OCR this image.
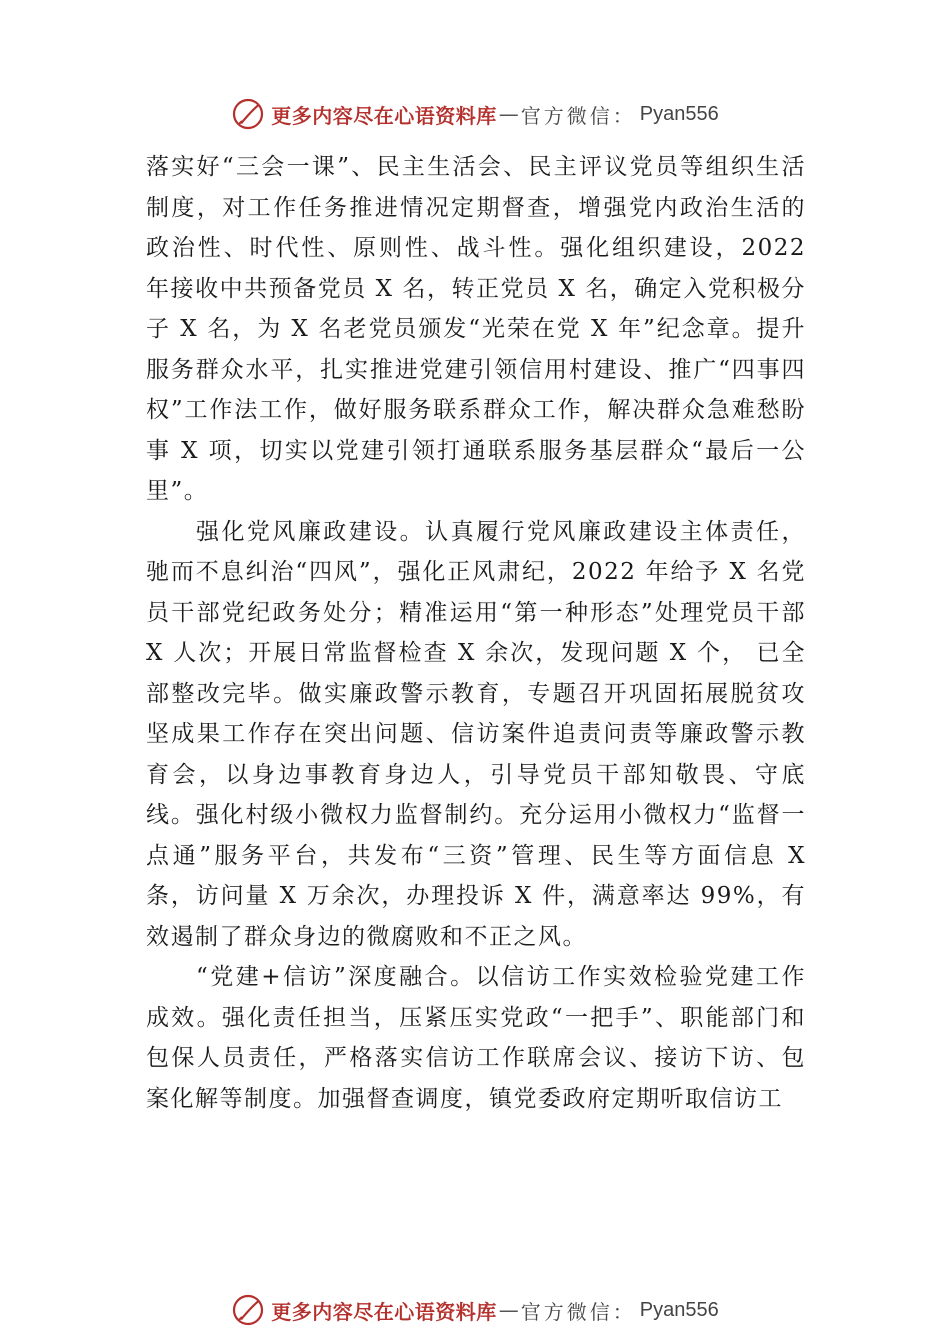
更多内容尽在心语资料库 — 官方微信： Pyan556

落实好“三会一课”、民主生活会、民主评议党员等组织生活制度，对工作任务推进情况定期督查，增强党内政治生活的政治性、时代性、原则性、战斗性。强化组织建设，2022 年接收中共预备党员 X 名，转正党员 X 名，确定入党积极分子 X 名，为 X 名老党员颁发“光荣在党 X 年”纪念章。提升服务群众水平，扎实推进党建引领信用村建设、推广“四事四权”工作法工作，做好服务联系群众工作，解决群众急难愁盼事 X 项，切实以党建引领打通联系服务基层群众“最后一公里”。

强化党风廉政建设。认真履行党风廉政建设主体责任，驰而不息纠治“四风”，强化正风肃纪，2022 年给予 X 名党员干部党纪政务处分；精准运用“第一种形态”处理党员干部 X 人次；开展日常监督检查 X 余次，发现问题 X 个， 已全部整改完毕。做实廉政警示教育，专题召开巩固拓展脱贫攻坚成果工作存在突出问题、信访案件追责问责等廉政警示教育会，以身边事教育身边人，引导党员干部知敬畏、守底线。强化村级小微权力监督制约。充分运用小微权力“监督一点通”服务平台，共发布“三资”管理、民生等方面信息 X 条，访问量 X 万余次，办理投诉 X 件，满意率达 99%，有效遏制了群众身边的微腐败和不正之风。

“党建+信访”深度融合。以信访工作实效检验党建工作成效。强化责任担当，压紧压实党政“一把手”、职能部门和包保人员责任，严格落实信访工作联席会议、接访下访、包案化解等制度。加强督查调度，镇党委政府定期听取信访工

更多内容尽在心语资料库 — 官方微信： Pyan556
